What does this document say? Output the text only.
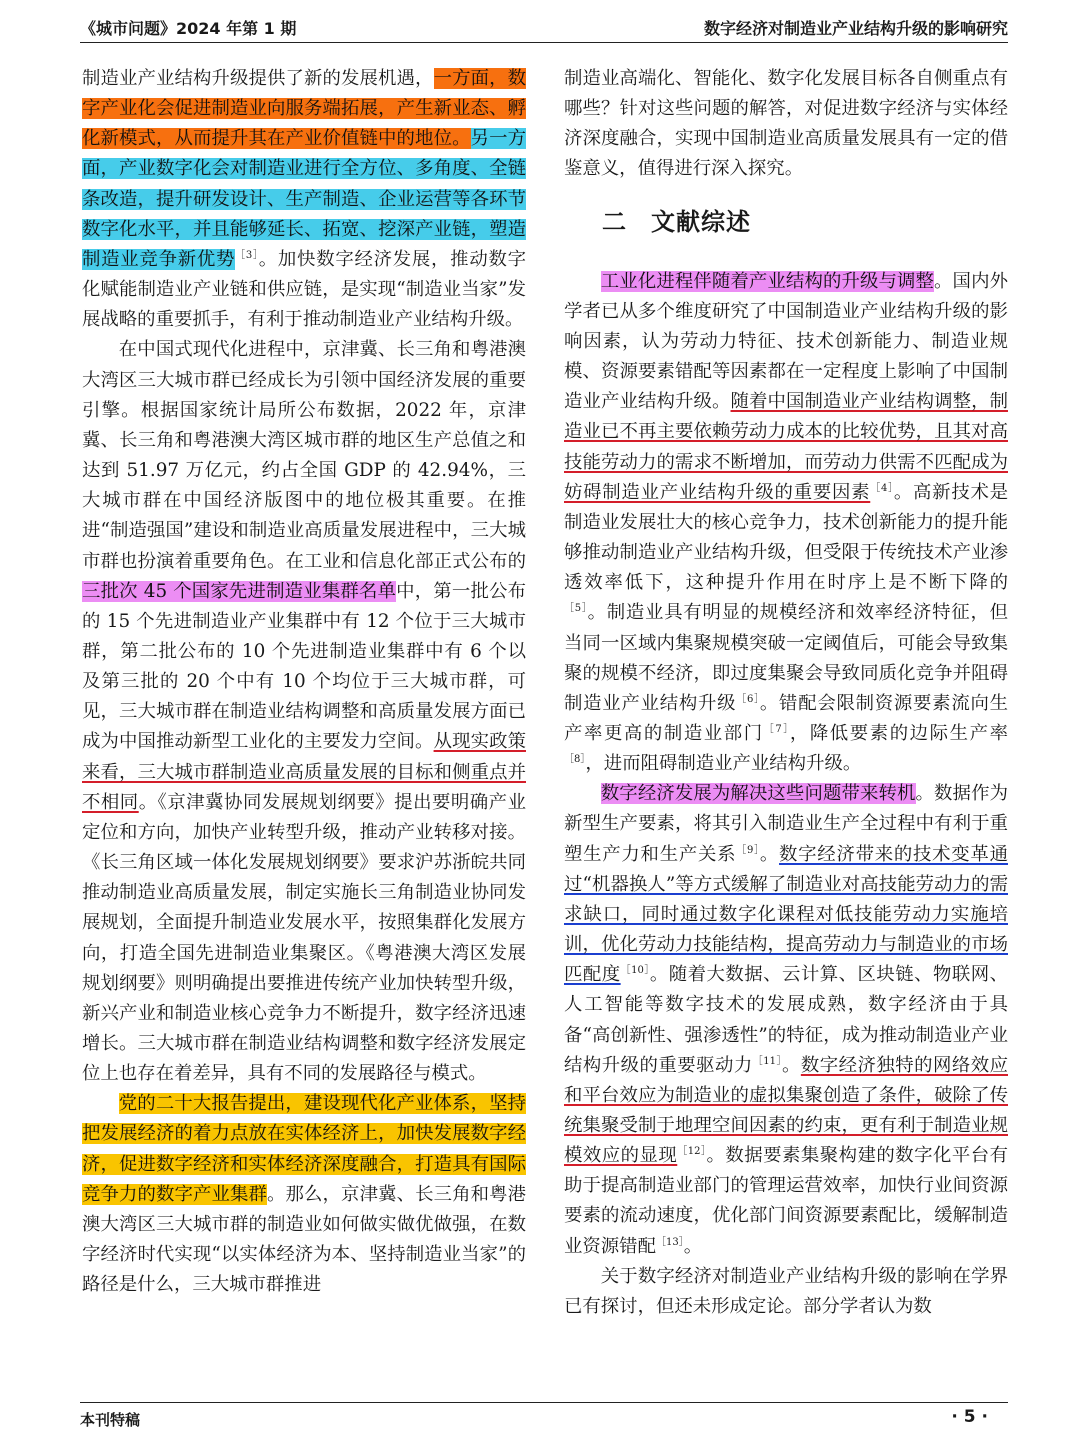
《城市问题》2024 年第 1 期	数字经济对制造业产业结构升级的影响研究

制造业产业结构升级提供了新的发展机遇，一方面，数字产业化会促进制造业向服务端拓展，产生新业态、孵化新模式，从而提升其在产业价值链中的地位。另一方面，产业数字化会对制造业进行全方位、多角度、全链条改造，提升研发设计、生产制造、企业运营等各环节数字化水平，并且能够延长、拓宽、挖深产业链，塑造制造业竞争新优势$^{[3]}$。加快数字经济发展，推动数字化赋能制造业产业链和供应链，是实现“制造业当家”发展战略的重要抓手，有利于推动制造业产业结构升级。

在中国式现代化进程中，京津冀、长三角和粤港澳大湾区三大城市群已经成长为引领中国经济发展的重要引擎。根据国家统计局所公布数据，2022 年，京津冀、长三角和粤港澳大湾区城市群的地区生产总值之和达到 51.97 万亿元，约占全国 GDP 的 42.94%，三大城市群在中国经济版图中的地位极其重要。在推进“制造强国”建设和制造业高质量发展进程中，三大城市群也扮演着重要角色。在工业和信息化部正式公布的三批次 45 个国家先进制造业集群名单中，第一批公布的 15 个先进制造业产业集群中有 12 个位于三大城市群，第二批公布的 10 个先进制造业集群中有 6 个以及第三批的 20 个中有 10 个均位于三大城市群，可见，三大城市群在制造业结构调整和高质量发展方面已成为中国推动新型工业化的主要发力空间。从现实政策来看，三大城市群制造业高质量发展的目标和侧重点并不相同。《京津冀协同发展规划纲要》提出要明确产业定位和方向，加快产业转型升级，推动产业转移对接。《长三角区域一体化发展规划纲要》要求沪苏浙皖共同推动制造业高质量发展，制定实施长三角制造业协同发展规划，全面提升制造业发展水平，按照集群化发展方向，打造全国先进制造业集聚区。《粤港澳大湾区发展规划纲要》则明确提出要推进传统产业加快转型升级，新兴产业和制造业核心竞争力不断提升，数字经济迅速增长。三大城市群在制造业结构调整和数字经济发展定位上也存在着差异，具有不同的发展路径与模式。

党的二十大报告提出，建设现代化产业体系，坚持把发展经济的着力点放在实体经济上，加快发展数字经济，促进数字经济和实体经济深度融合，打造具有国际竞争力的数字产业集群。那么，京津冀、长三角和粤港澳大湾区三大城市群的制造业如何做实做优做强，在数字经济时代实现“以实体经济为本、坚持制造业当家”的路径是什么，三大城市群推进

制造业高端化、智能化、数字化发展目标各自侧重点有哪些？针对这些问题的解答，对促进数字经济与实体经济深度融合，实现中国制造业高质量发展具有一定的借鉴意义，值得进行深入探究。

二 文献综述

工业化进程伴随着产业结构的升级与调整。国内外学者已从多个维度研究了中国制造业产业结构升级的影响因素，认为劳动力特征、技术创新能力、制造业规模、资源要素错配等因素都在一定程度上影响了中国制造业产业结构升级。随着中国制造业产业结构调整，制造业已不再主要依赖劳动力成本的比较优势，且其对高技能劳动力的需求不断增加，而劳动力供需不匹配成为妨碍制造业产业结构升级的重要因素$^{[4]}$。高新技术是制造业发展壮大的核心竞争力，技术创新能力的提升能够推动制造业产业结构升级，但受限于传统技术产业渗透效率低下，这种提升作用在时序上是不断下降的$^{[5]}$。制造业具有明显的规模经济和效率经济特征，但当同一区域内集聚规模突破一定阈值后，可能会导致集聚的规模不经济，即过度集聚会导致同质化竞争并阻碍制造业产业结构升级$^{[6]}$。错配会限制资源要素流向生产率更高的制造业部门$^{[7]}$，降低要素的边际生产率$^{[8]}$，进而阻碍制造业产业结构升级。

数字经济发展为解决这些问题带来转机。数据作为新型生产要素，将其引入制造业生产全过程中有利于重塑生产力和生产关系$^{[9]}$。数字经济带来的技术变革通过“机器换人”等方式缓解了制造业对高技能劳动力的需求缺口，同时通过数字化课程对低技能劳动力实施培训，优化劳动力技能结构，提高劳动力与制造业的市场匹配度$^{[10]}$。随着大数据、云计算、区块链、物联网、人工智能等数字技术的发展成熟，数字经济由于具备“高创新性、强渗透性”的特征，成为推动制造业产业结构升级的重要驱动力$^{[11]}$。数字经济独特的网络效应和平台效应为制造业的虚拟集聚创造了条件，破除了传统集聚受制于地理空间因素的约束，更有利于制造业规模效应的显现$^{[12]}$。数据要素集聚构建的数字化平台有助于提高制造业部门的管理运营效率，加快行业间资源要素的流动速度，优化部门间资源要素配比，缓解制造业资源错配$^{[13]}$。

关于数字经济对制造业产业结构升级的影响在学界已有探讨，但还未形成定论。部分学者认为数

本刊特稿	· 5 ·
